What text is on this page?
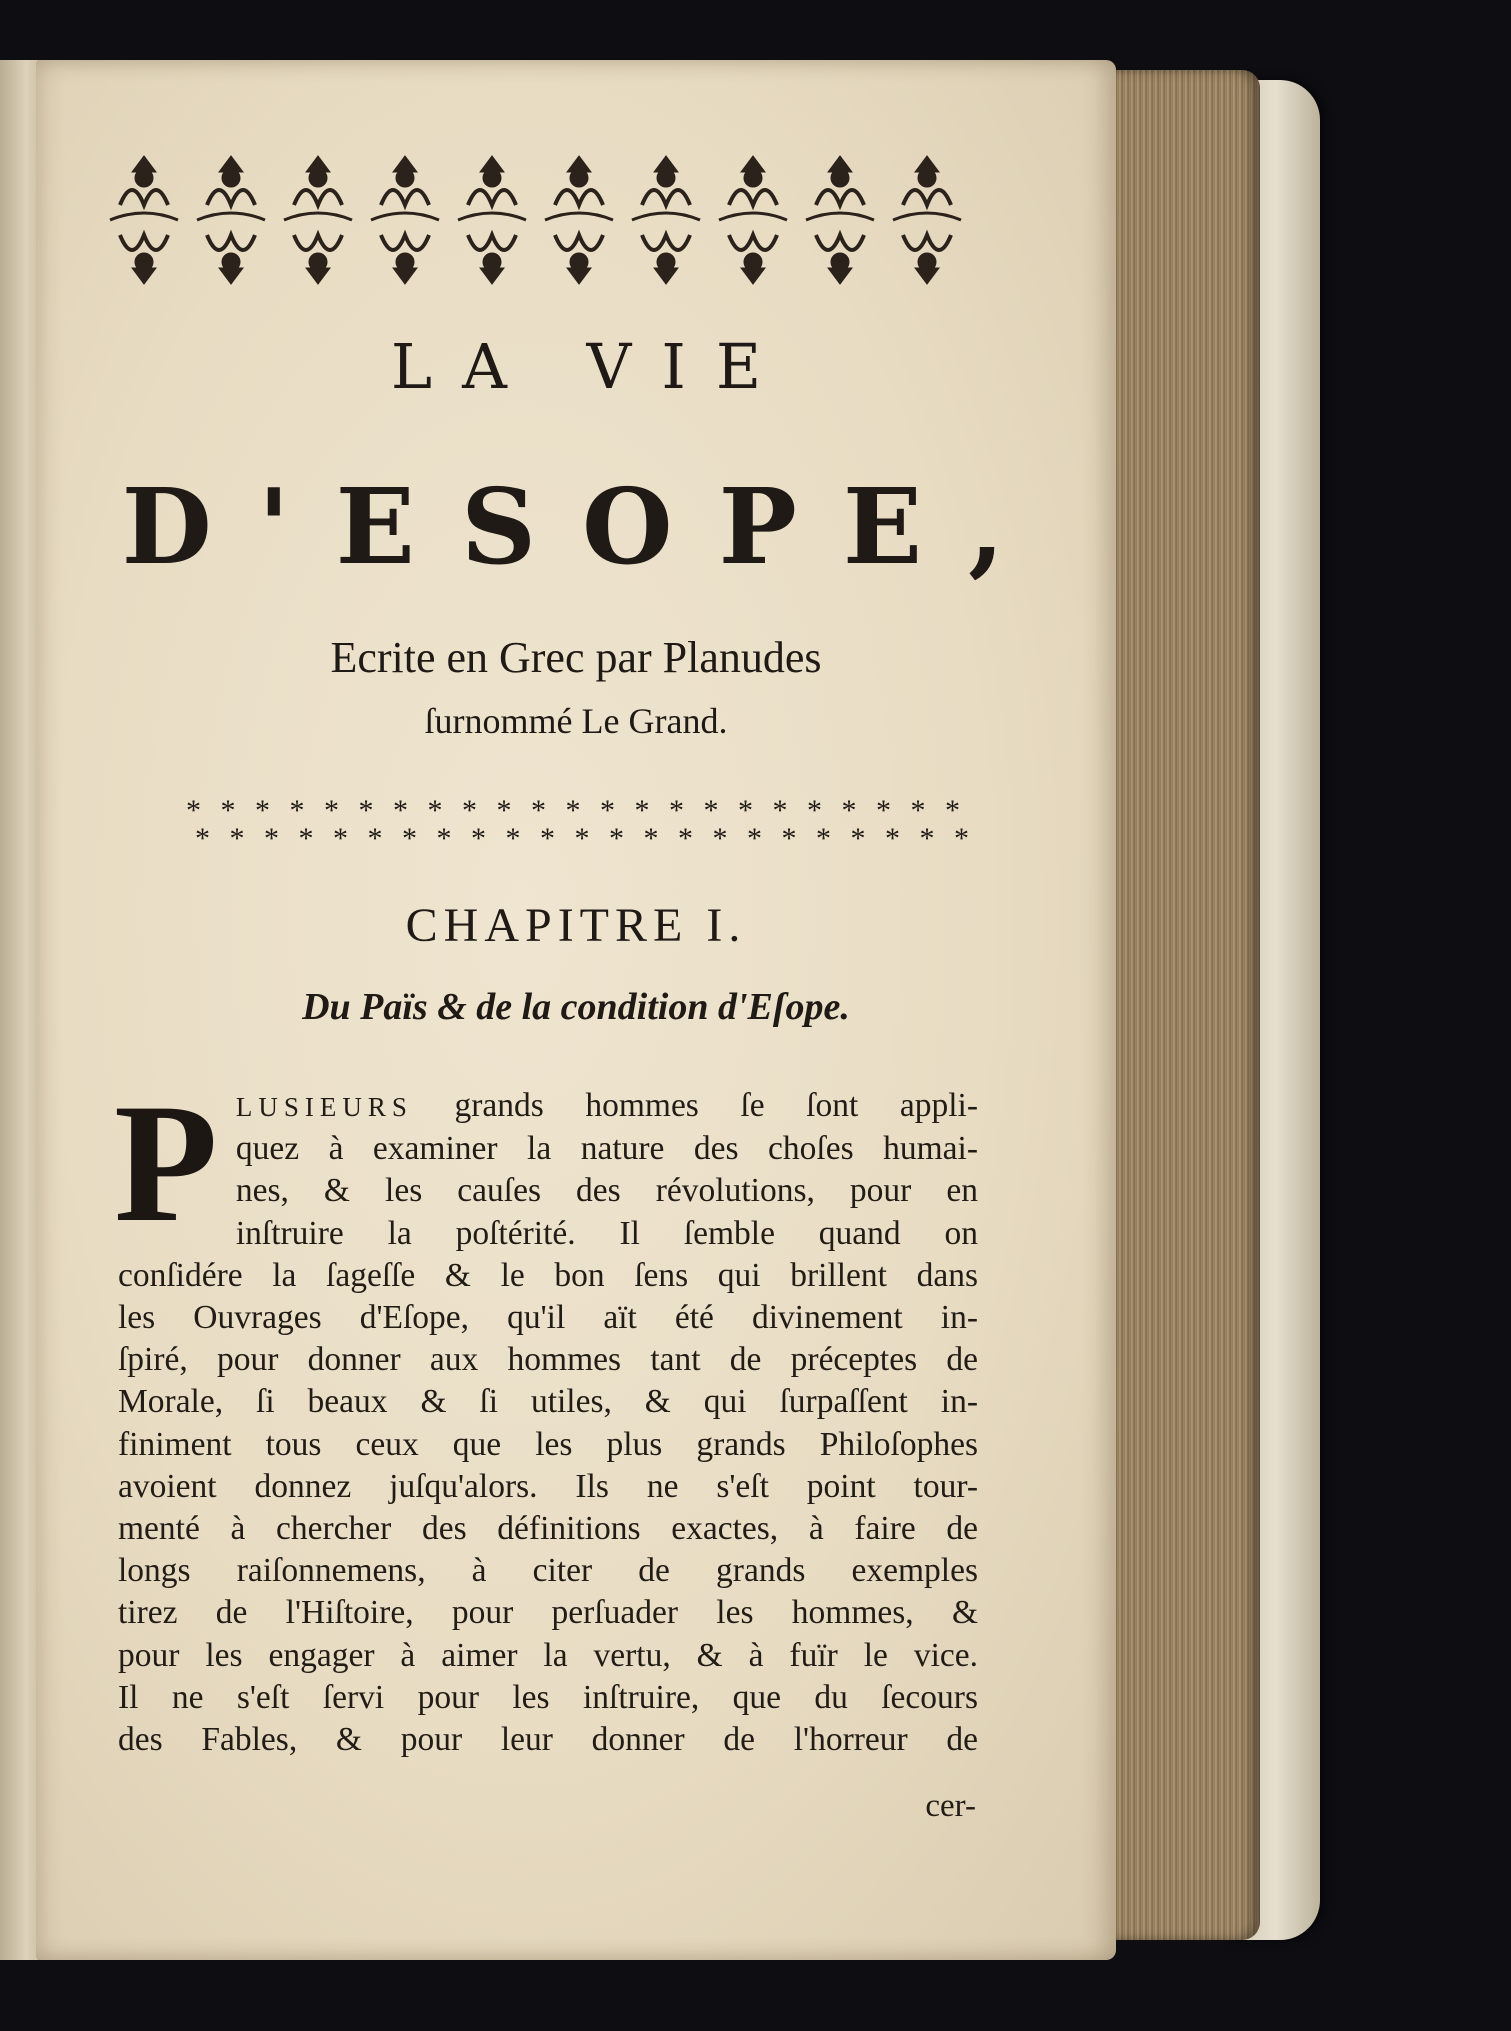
LA VIE
D'ESOPE,
Ecrite en Grec par Planudes
ſurnommé Le Grand.
* * * * * * * * * * * * * * * * * * * * * * *
* * * * * * * * * * * * * * * * * * * * * * *
CHAPITRE I.
Du Païs & de la condition d'Eſope.
P LUSIEURS grands hommes ſe ſont appli-
quez à examiner la nature des choſes humai-
nes, & les cauſes des révolutions, pour en
inſtruire la poſtérité. Il ſemble quand on
conſidére la ſageſſe & le bon ſens qui brillent dans
les Ouvrages d'Eſope, qu'il aït été divinement in-
ſpiré, pour donner aux hommes tant de préceptes de
Morale, ſi beaux & ſi utiles, & qui ſurpaſſent in-
finiment tous ceux que les plus grands Philoſophes
avoient donnez juſqu'alors. Ils ne s'eſt point tour-
menté à chercher des définitions exactes, à faire de
longs raiſonnemens, à citer de grands exemples
tirez de l'Hiſtoire, pour perſuader les hommes, &
pour les engager à aimer la vertu, & à fuïr le vice.
Il ne s'eſt ſervi pour les inſtruire, que du ſecours
des Fables, & pour leur donner de l'horreur de
cer-
